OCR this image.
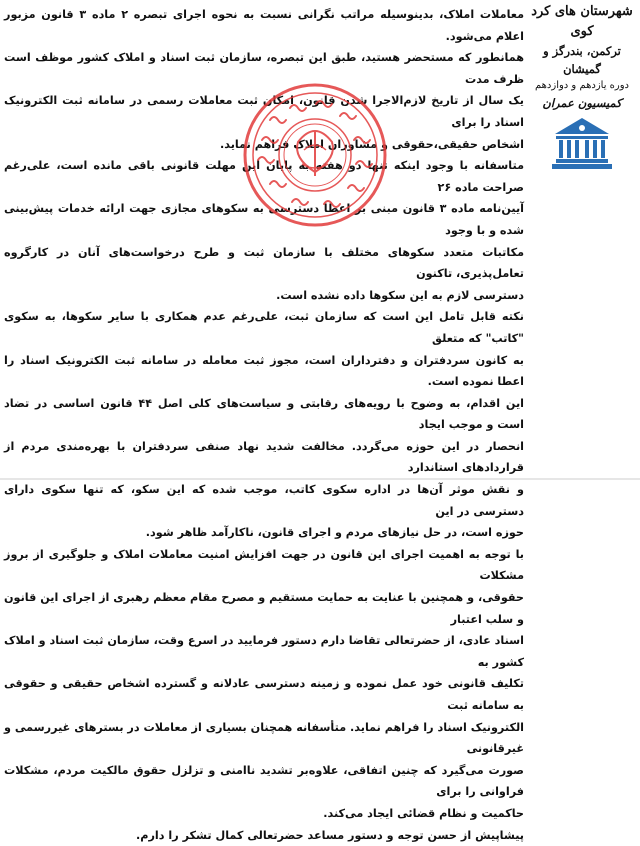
معاملات املاک، بدینوسیله مراتب نگرانی نسبت به نحوه اجرای تبصره ۲ ماده ۳ قانون مزبور اعلام می‌شود.

همانطور که مستحضر هستید، طبق این تبصره، سازمان ثبت اسناد و املاک کشور موظف است ظرف مدت

یک سال از تاریخ لازم‌الاجرا شدن قانون، امکان ثبت معاملات رسمی در سامانه ثبت الکترونیک اسناد را برای

اشخاص حقیقی،حقوقی و مشاوران املاک فراهم نماید.

متاسفانه با وجود اینکه تنها دو هفته به پایان این مهلت قانونی باقی مانده است، علی‌رغم صراحت ماده ۲۶

آیین‌نامه ماده ۳ قانون مبنی بر اعطا دسترسی به سکوهای مجازی جهت ارائه خدمات پیش‌بینی شده و با وجود

مکاتبات متعدد سکوهای مختلف با سازمان ثبت و طرح درخواست‌های آنان در کارگروه تعامل‌پذیری، تاکنون

دسترسی لازم به این سکوها داده نشده است.

نکته قابل تامل این است که سازمان ثبت، علی‌رغم عدم همکاری با سایر سکوها، به سکوی "کاتب" که متعلق

به کانون سردفتران و دفترداران است، مجوز ثبت معامله در سامانه ثبت الکترونیک اسناد را اعطا نموده است.

این اقدام، به وضوح با رویه‌های رقابتی و سیاست‌های کلی اصل ۴۴ قانون اساسی در تضاد است و موجب ایجاد

انحصار در این حوزه می‌گردد. مخالفت شدید نهاد صنفی سردفتران با بهره‌مندی مردم از قراردادهای استاندارد

و نقش موثر آن‌ها در اداره سکوی کاتب، موجب شده که این سکو، که تنها سکوی دارای دسترسی در این

حوزه است، در حل نیازهای مردم و اجرای قانون، ناکارآمد ظاهر شود.

با توجه به اهمیت اجرای این قانون در جهت افزایش امنیت معاملات املاک و جلوگیری از بروز مشکلات

حقوقی، و همچنین با عنایت به حمایت مستقیم و مصرح مقام معظم رهبری از اجرای این قانون و سلب اعتبار

اسناد عادی، از حضرتعالی تقاضا دارم دستور فرمایید در اسرع وقت، سازمان ثبت اسناد و املاک کشور به

تکلیف قانونی خود عمل نموده و زمینه دسترسی عادلانه و گسترده اشخاص حقیقی و حقوقی به سامانه ثبت

الکترونیک اسناد را فراهم نماید. متأسفانه همچنان بسیاری از معاملات در بسترهای غیررسمی و غیرقانونی

صورت می‌گیرد که چنین اتفاقی، علاوه‌بر تشدید ناامنی و تزلزل حقوق مالکیت مردم، مشکلات فراوانی را برای

حاکمیت و نظام قضائی ایجاد می‌کند.

پیشاپیش از حسن توجه و دستور مساعد حضرتعالی کمال تشکر را دارم.

شهرستان های کرد کوی
ترکمن، بندرگز و گمیشان
دوره یازدهم و دوازدهم
کمیسیون عمران
